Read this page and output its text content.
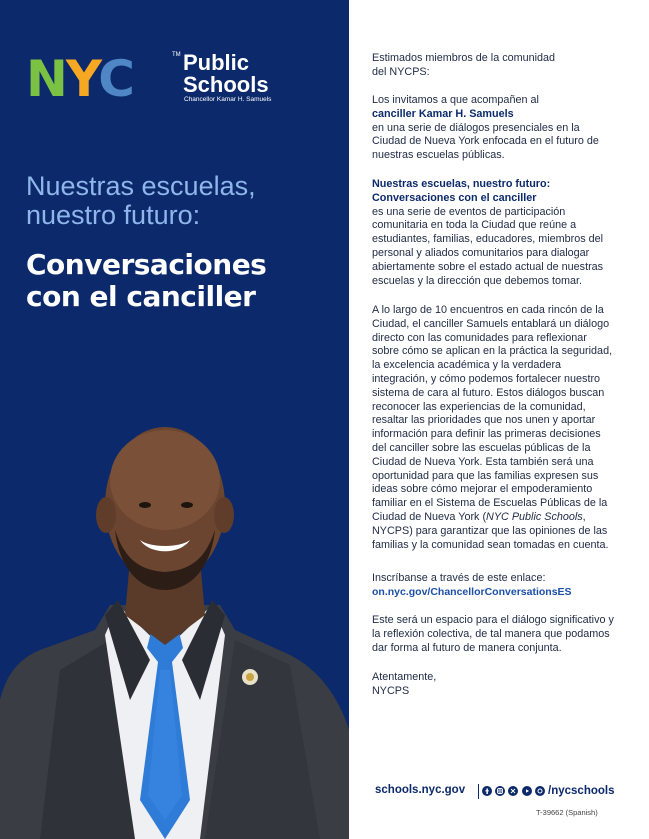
NYC	TM Public
Schools
Chancellor Kamar H. Samuels
Nuestras escuelas,
nuestro futuro:
Conversaciones
con el canciller
Estimados miembros de la comunidad
del NYCPS:
Los invitamos a que acompañen al
canciller Kamar H. Samuels
en una serie de diálogos presenciales en la
Ciudad de Nueva York enfocada en el futuro de
nuestras escuelas públicas.
Nuestras escuelas, nuestro futuro:
Conversaciones con el canciller
es una serie de eventos de participación
comunitaria en toda la Ciudad que reúne a
estudiantes, familias, educadores, miembros del
personal y aliados comunitarios para dialogar
abiertamente sobre el estado actual de nuestras
escuelas y la dirección que debemos tomar.
A lo largo de 10 encuentros en cada rincón de la
Ciudad, el canciller Samuels entablará un diálogo
directo con las comunidades para reflexionar
sobre cómo se aplican en la práctica la seguridad,
la excelencia académica y la verdadera
integración, y cómo podemos fortalecer nuestro
sistema de cara al futuro. Estos diálogos buscan
reconocer las experiencias de la comunidad,
resaltar las prioridades que nos unen y aportar
información para definir las primeras decisiones
del canciller sobre las escuelas públicas de la
Ciudad de Nueva York. Esta también será una
oportunidad para que las familias expresen sus
ideas sobre cómo mejorar el empoderamiento
familiar en el Sistema de Escuelas Públicas de la
Ciudad de Nueva York (NYC Public Schools,
NYCPS) para garantizar que las opiniones de las
familias y la comunidad sean tomadas en cuenta.
Inscríbanse a través de este enlace:
on.nyc.gov/ChancellorConversationsES
Este será un espacio para el diálogo significativo y
la reflexión colectiva, de tal manera que podamos
dar forma al futuro de manera conjunta.
Atentamente,
NYCPS
schools.nyc.gov	/nycschools
T-39662 (Spanish)
